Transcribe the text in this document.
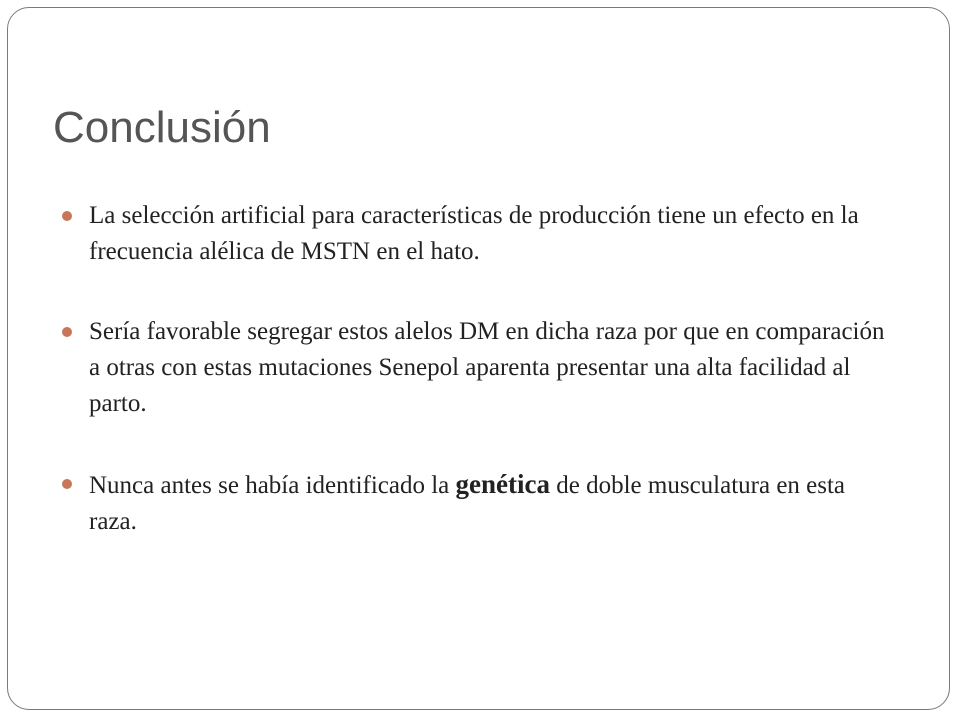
Conclusión
La selección artificial para características de producción tiene un efecto en la frecuencia alélica de MSTN en el hato.
Sería favorable segregar estos alelos DM en dicha raza por que en comparación a otras con estas mutaciones Senepol aparenta presentar una alta facilidad al parto.
Nunca antes se había identificado la genética de doble musculatura en esta raza.
